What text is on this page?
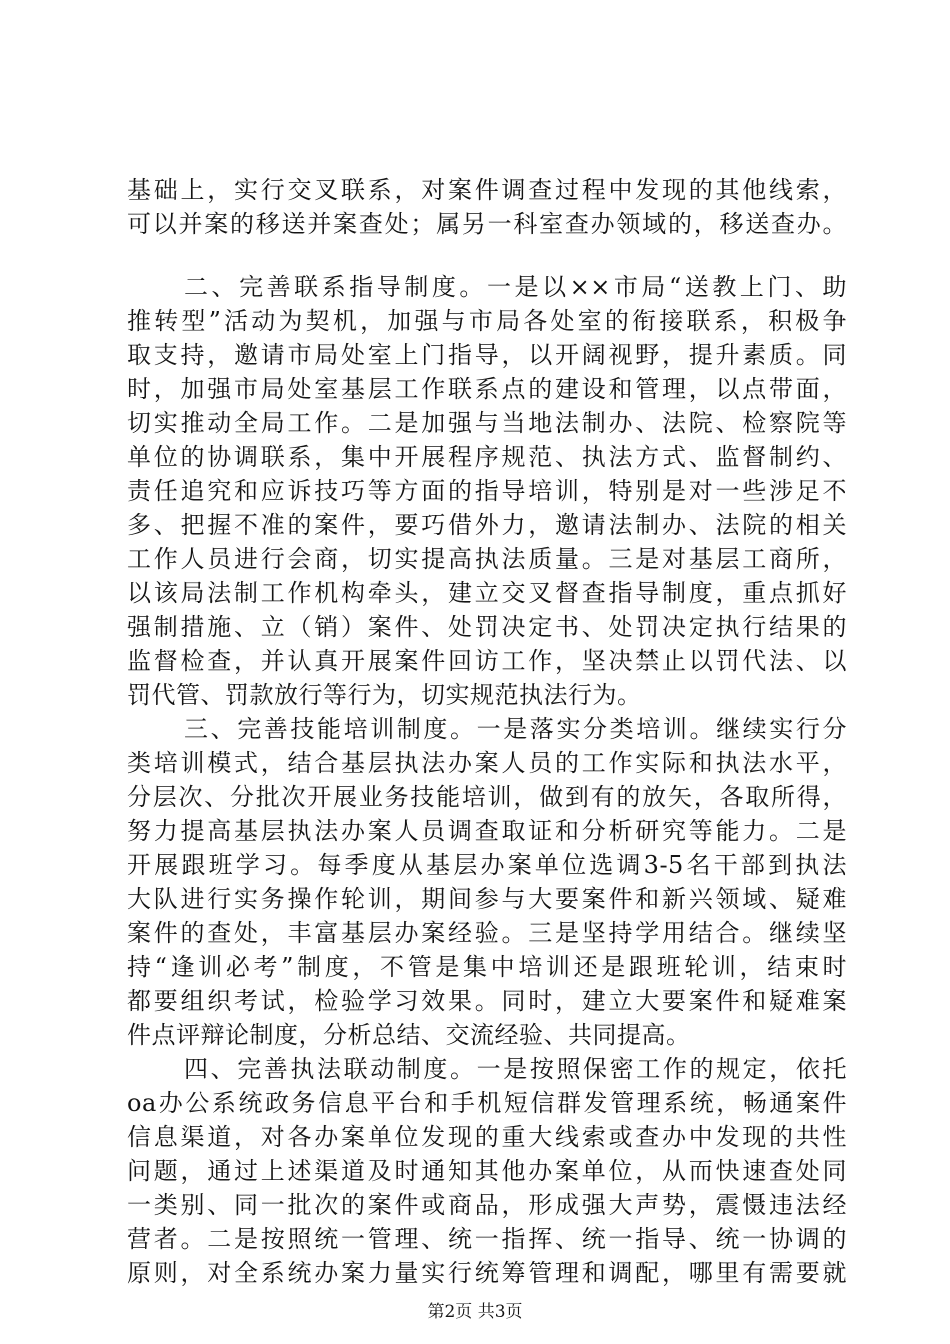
基础上，实行交叉联系，对案件调查过程中发现的其他线索，
可以并案的移送并案查处；属另一科室查办领域的，移送查办。
二、完善联系指导制度。一是以××市局“送教上门、助
推转型”活动为契机，加强与市局各处室的衔接联系，积极争
取支持，邀请市局处室上门指导，以开阔视野，提升素质。同
时，加强市局处室基层工作联系点的建设和管理，以点带面，
切实推动全局工作。二是加强与当地法制办、法院、检察院等
单位的协调联系，集中开展程序规范、执法方式、监督制约、
责任追究和应诉技巧等方面的指导培训，特别是对一些涉足不
多、把握不准的案件，要巧借外力，邀请法制办、法院的相关
工作人员进行会商，切实提高执法质量。三是对基层工商所，
以该局法制工作机构牵头，建立交叉督查指导制度，重点抓好
强制措施、立（销）案件、处罚决定书、处罚决定执行结果的
监督检查，并认真开展案件回访工作，坚决禁止以罚代法、以
罚代管、罚款放行等行为，切实规范执法行为。
三、完善技能培训制度。一是落实分类培训。继续实行分
类培训模式，结合基层执法办案人员的工作实际和执法水平，
分层次、分批次开展业务技能培训，做到有的放矢，各取所得，
努力提高基层执法办案人员调查取证和分析研究等能力。二是
开展跟班学习。每季度从基层办案单位选调3-5名干部到执法
大队进行实务操作轮训，期间参与大要案件和新兴领域、疑难
案件的查处，丰富基层办案经验。三是坚持学用结合。继续坚
持“逢训必考”制度，不管是集中培训还是跟班轮训，结束时
都要组织考试，检验学习效果。同时，建立大要案件和疑难案
件点评辩论制度，分析总结、交流经验、共同提高。
四、完善执法联动制度。一是按照保密工作的规定，依托
oa办公系统政务信息平台和手机短信群发管理系统，畅通案件
信息渠道，对各办案单位发现的重大线索或查办中发现的共性
问题，通过上述渠道及时通知其他办案单位，从而快速查处同
一类别、同一批次的案件或商品，形成强大声势，震慑违法经
营者。二是按照统一管理、统一指挥、统一指导、统一协调的
原则，对全系统办案力量实行统筹管理和调配，哪里有需要就
第2页 共3页
